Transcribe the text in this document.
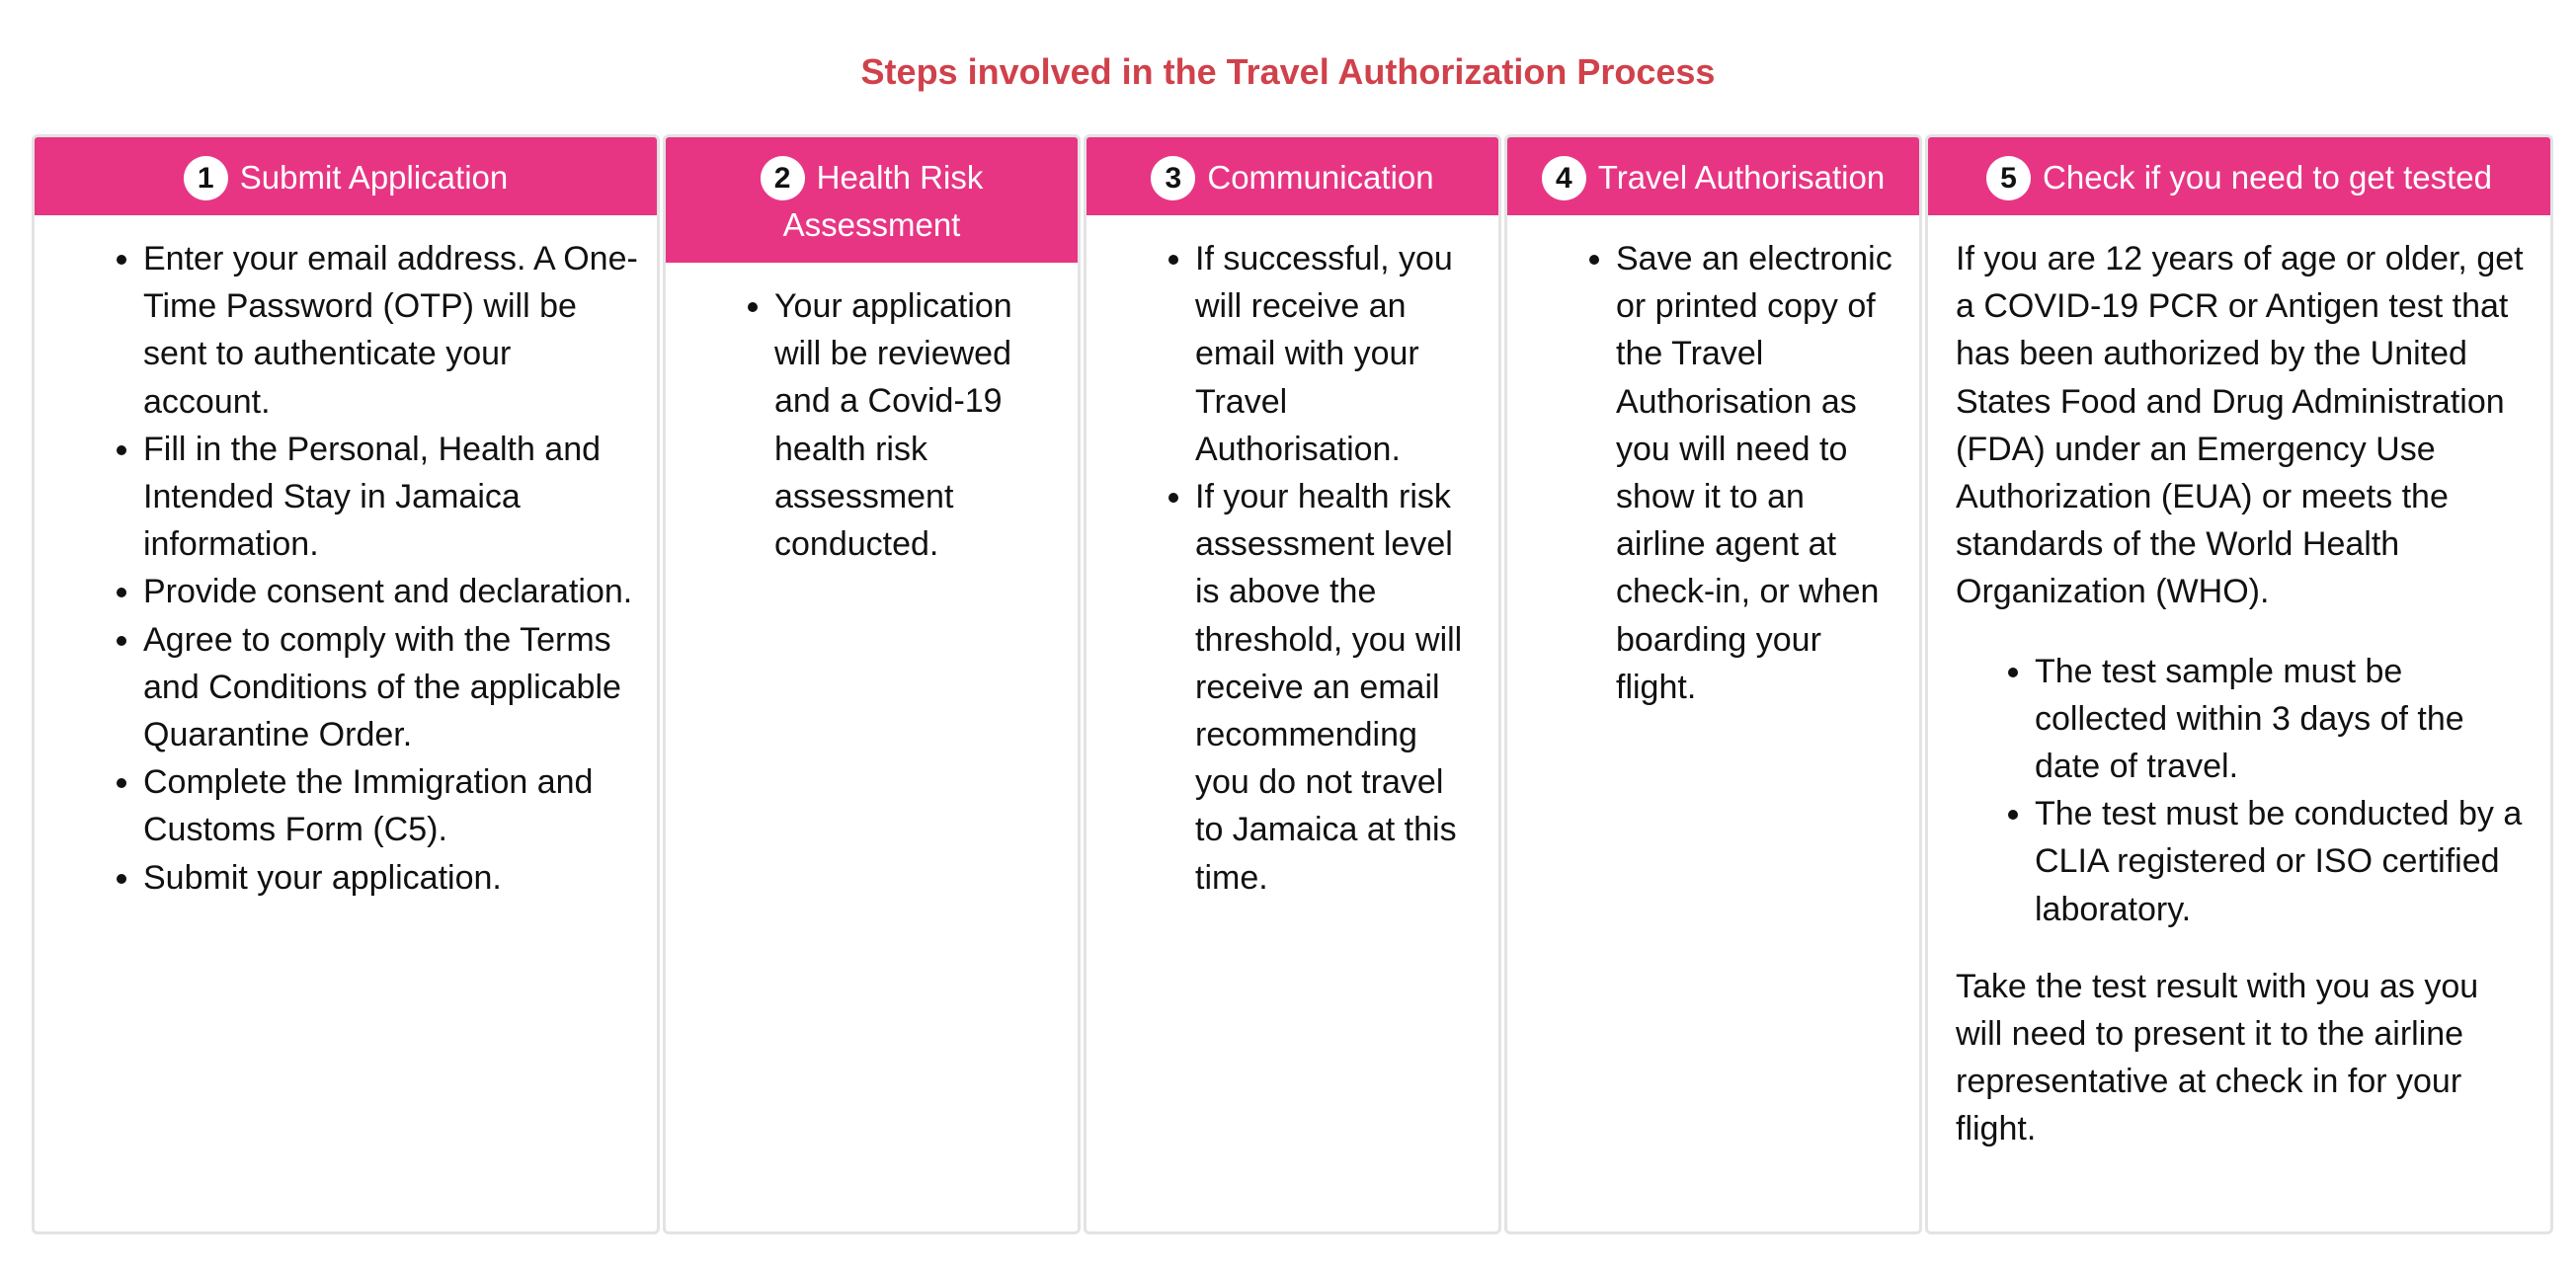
Steps involved in the Travel Authorization Process
1 Submit Application
• Enter your email address. A One-Time Password (OTP) will be sent to authenticate your account.
• Fill in the Personal, Health and Intended Stay in Jamaica information.
• Provide consent and declaration.
• Agree to comply with the Terms and Conditions of the applicable Quarantine Order.
• Complete the Immigration and Customs Form (C5).
• Submit your application.
2 Health Risk Assessment
• Your application will be reviewed and a Covid-19 health risk assessment conducted.
3 Communication
• If successful, you will receive an email with your Travel Authorisation.
• If your health risk assessment level is above the threshold, you will receive an email recommending you do not travel to Jamaica at this time.
4 Travel Authorisation
• Save an electronic or printed copy of the Travel Authorisation as you will need to show it to an airline agent at check-in, or when boarding your flight.
5 Check if you need to get tested

If you are 12 years of age or older, get a COVID-19 PCR or Antigen test that has been authorized by the United States Food and Drug Administration (FDA) under an Emergency Use Authorization (EUA) or meets the standards of the World Health Organization (WHO).

• The test sample must be collected within 3 days of the date of travel.
• The test must be conducted by a CLIA registered or ISO certified laboratory.

Take the test result with you as you will need to present it to the airline representative at check in for your flight.
